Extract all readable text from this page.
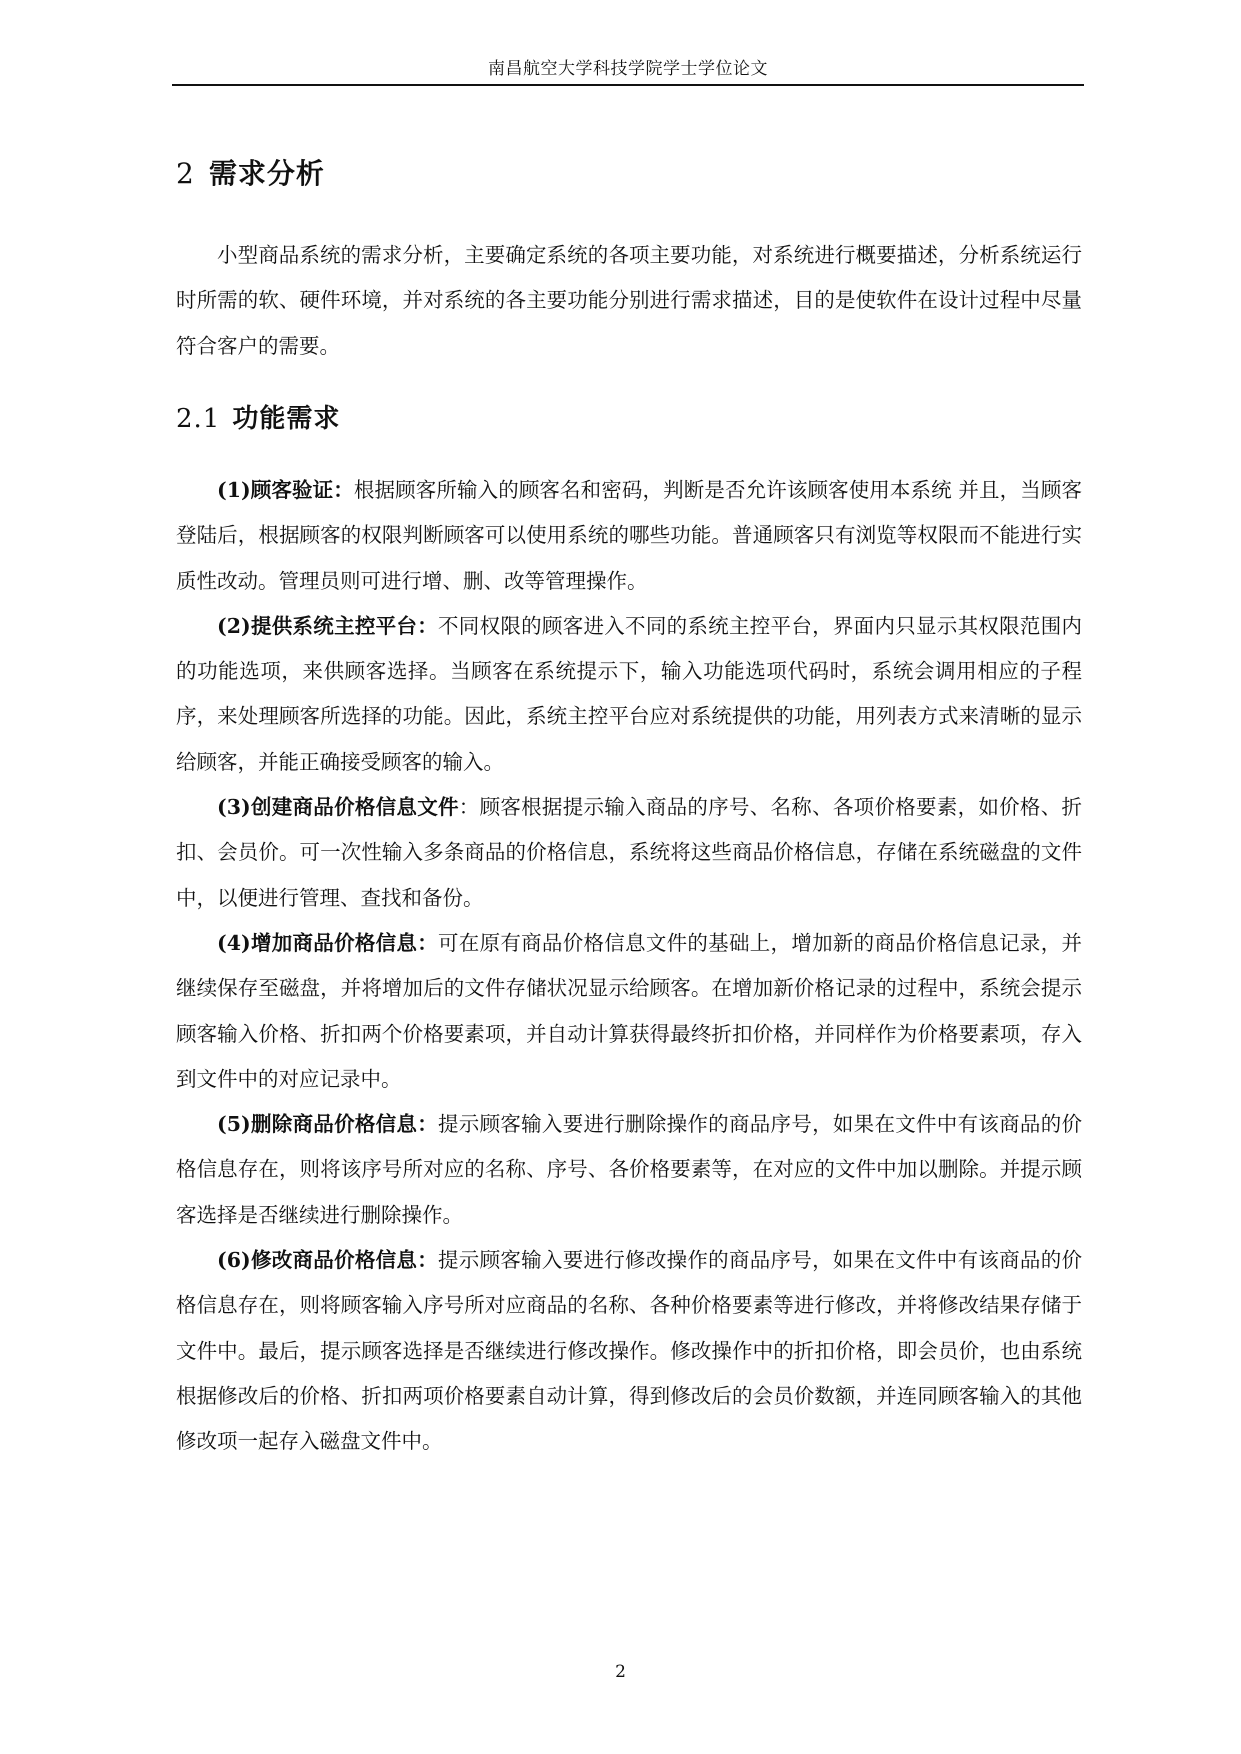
南昌航空大学科技学院学士学位论文
2 需求分析

小型商品系统的需求分析，主要确定系统的各项主要功能，对系统进行概要描述，分析系统运行时所需的软、硬件环境，并对系统的各主要功能分别进行需求描述，目的是使软件在设计过程中尽量符合客户的需要。

2.1 功能需求
(1)顾客验证：根据顾客所输入的顾客名和密码，判断是否允许该顾客使用本系统 并且，当顾客登陆后，根据顾客的权限判断顾客可以使用系统的哪些功能。普通顾客只有浏览等权限而不能进行实质性改动。管理员则可进行增、删、改等管理操作。
(2)提供系统主控平台：不同权限的顾客进入不同的系统主控平台，界面内只显示其权限范围内的功能选项，来供顾客选择。当顾客在系统提示下，输入功能选项代码时，系统会调用相应的子程序，来处理顾客所选择的功能。因此，系统主控平台应对系统提供的功能，用列表方式来清晰的显示给顾客，并能正确接受顾客的输入。
(3)创建商品价格信息文件：顾客根据提示输入商品的序号、名称、各项价格要素，如价格、折扣、会员价。可一次性输入多条商品的价格信息，系统将这些商品价格信息，存储在系统磁盘的文件中，以便进行管理、查找和备份。
(4)增加商品价格信息：可在原有商品价格信息文件的基础上，增加新的商品价格信息记录，并继续保存至磁盘，并将增加后的文件存储状况显示给顾客。在增加新价格记录的过程中，系统会提示顾客输入价格、折扣两个价格要素项，并自动计算获得最终折扣价格，并同样作为价格要素项，存入到文件中的对应记录中。
(5)删除商品价格信息：提示顾客输入要进行删除操作的商品序号，如果在文件中有该商品的价格信息存在，则将该序号所对应的名称、序号、各价格要素等，在对应的文件中加以删除。并提示顾客选择是否继续进行删除操作。
(6)修改商品价格信息：提示顾客输入要进行修改操作的商品序号，如果在文件中有该商品的价格信息存在，则将顾客输入序号所对应商品的名称、各种价格要素等进行修改，并将修改结果存储于文件中。最后，提示顾客选择是否继续进行修改操作。修改操作中的折扣价格，即会员价，也由系统根据修改后的价格、折扣两项价格要素自动计算，得到修改后的会员价数额，并连同顾客输入的其他修改项一起存入磁盘文件中。
2
